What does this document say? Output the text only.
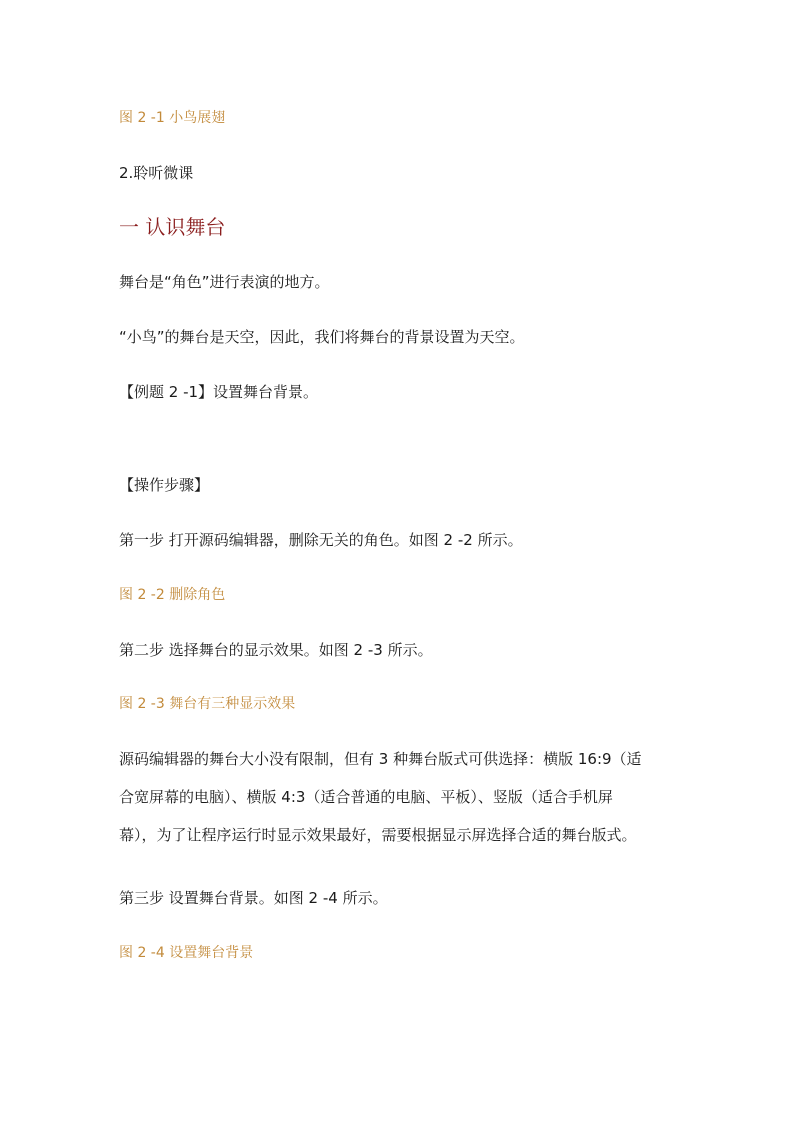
图 2 -1 小鸟展翅
2.聆听微课
一 认识舞台
舞台是“角色”进行表演的地方。
“小鸟”的舞台是天空，因此，我们将舞台的背景设置为天空。
【例题 2 -1】设置舞台背景。
【操作步骤】
第一步 打开源码编辑器，删除无关的角色。如图 2 -2 所示。
图 2 -2 删除角色
第二步 选择舞台的显示效果。如图 2 -3 所示。
图 2 -3 舞台有三种显示效果
源码编辑器的舞台大小没有限制，但有 3 种舞台版式可供选择：横版 16:9（适
合宽屏幕的电脑）、横版 4:3（适合普通的电脑、平板）、竖版（适合手机屏
幕），为了让程序运行时显示效果最好，需要根据显示屏选择合适的舞台版式。
第三步 设置舞台背景。如图 2 -4 所示。
图 2 -4 设置舞台背景
